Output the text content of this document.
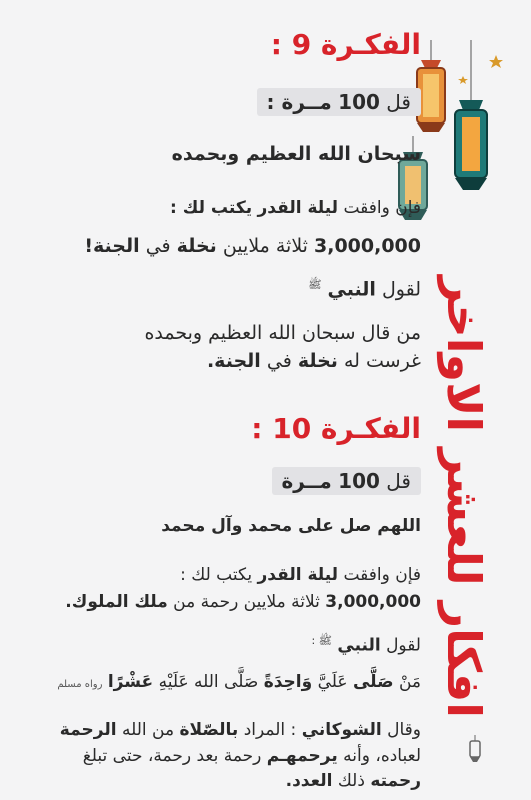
افكار للعشر الاواخر
الفكـرة 9 :
قل 100 مــرة :
سبحان الله العظيم وبحمده
فإن وافقت ليلة القدر يكتب لك :
3,000,000 ثلاثة ملايين نخلة في الجنة!
لقول النبي $^ﷺ$
من قال سبحان الله العظيم وبحمده
غرست له نخلة في الجنة.
الفكـرة 10 :
قل 100 مــرة
اللهم صل على محمد وآل محمد
فإن وافقت ليلة القدر يكتب لك :
3,000,000 ثلاثة ملايين رحمة من ملك الملوك.
لقول النبي $^{ﷺ :}$
مَنْ صَلَّى عَلَيَّ وَاحِدَةً صَلَّى الله عَلَيْهِ عَشْرًا رواه مسلم
وقال الشوكاني : المراد بالصّلاة من الله الرحمة
لعباده، وأنه يرحمهـم رحمة بعد رحمة، حتى تبلغ
رحمته ذلك العدد.
